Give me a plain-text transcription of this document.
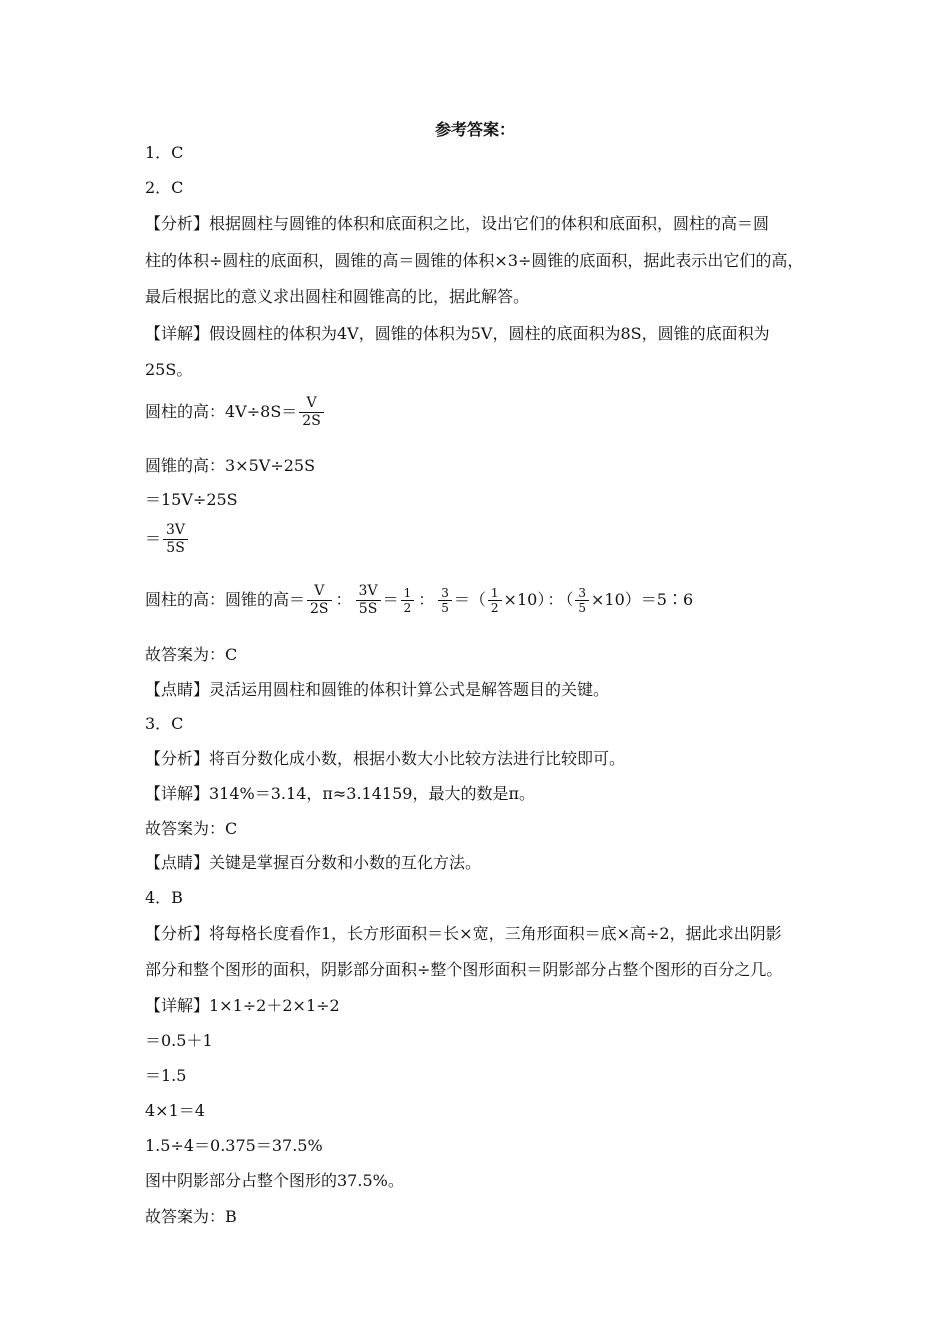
参考答案：
1．C
2．C
【分析】根据圆柱与圆锥的体积和底面积之比，设出它们的体积和底面积，圆柱的高＝圆
柱的体积÷圆柱的底面积，圆锥的高＝圆锥的体积×3÷圆锥的底面积，据此表示出它们的高，
最后根据比的意义求出圆柱和圆锥高的比，据此解答。
【详解】假设圆柱的体积为4V，圆锥的体积为5V，圆柱的底面积为8S，圆锥的底面积为
25S。
圆柱的高：$4V\div 8S= \frac{V}{2S}$
圆锥的高：3×5V÷25S
＝15V÷25S
＝ $\frac{3V}{5S}$
圆柱的高：圆锥的高＝ $\frac{V}{2S}$ ： $\frac{3V}{5S} = \frac{1}{2}$ ： $\frac{3}{5}$ ＝（ $\frac{1}{2} \times 10$） ： （ $\frac{3}{5}$ ×10）＝5∶6
故答案为：C
【点睛】灵活运用圆柱和圆锥的体积计算公式是解答题目的关键。
3．C
【分析】将百分数化成小数，根据小数大小比较方法进行比较即可。
【详解】314%＝3.14，π≈3.14159，最大的数是π。
故答案为：C
【点睛】关键是掌握百分数和小数的互化方法。
4．B
【分析】将每格长度看作1，长方形面积＝长×宽，三角形面积＝底×高÷2，据此求出阴影
部分和整个图形的面积，阴影部分面积÷整个图形面积＝阴影部分占整个图形的百分之几。
【详解】1×1÷2＋2×1÷2
＝0.5＋1
＝1.5
4×1＝4
1.5÷4＝0.375＝37.5%
图中阴影部分占整个图形的37.5%。
故答案为：B
